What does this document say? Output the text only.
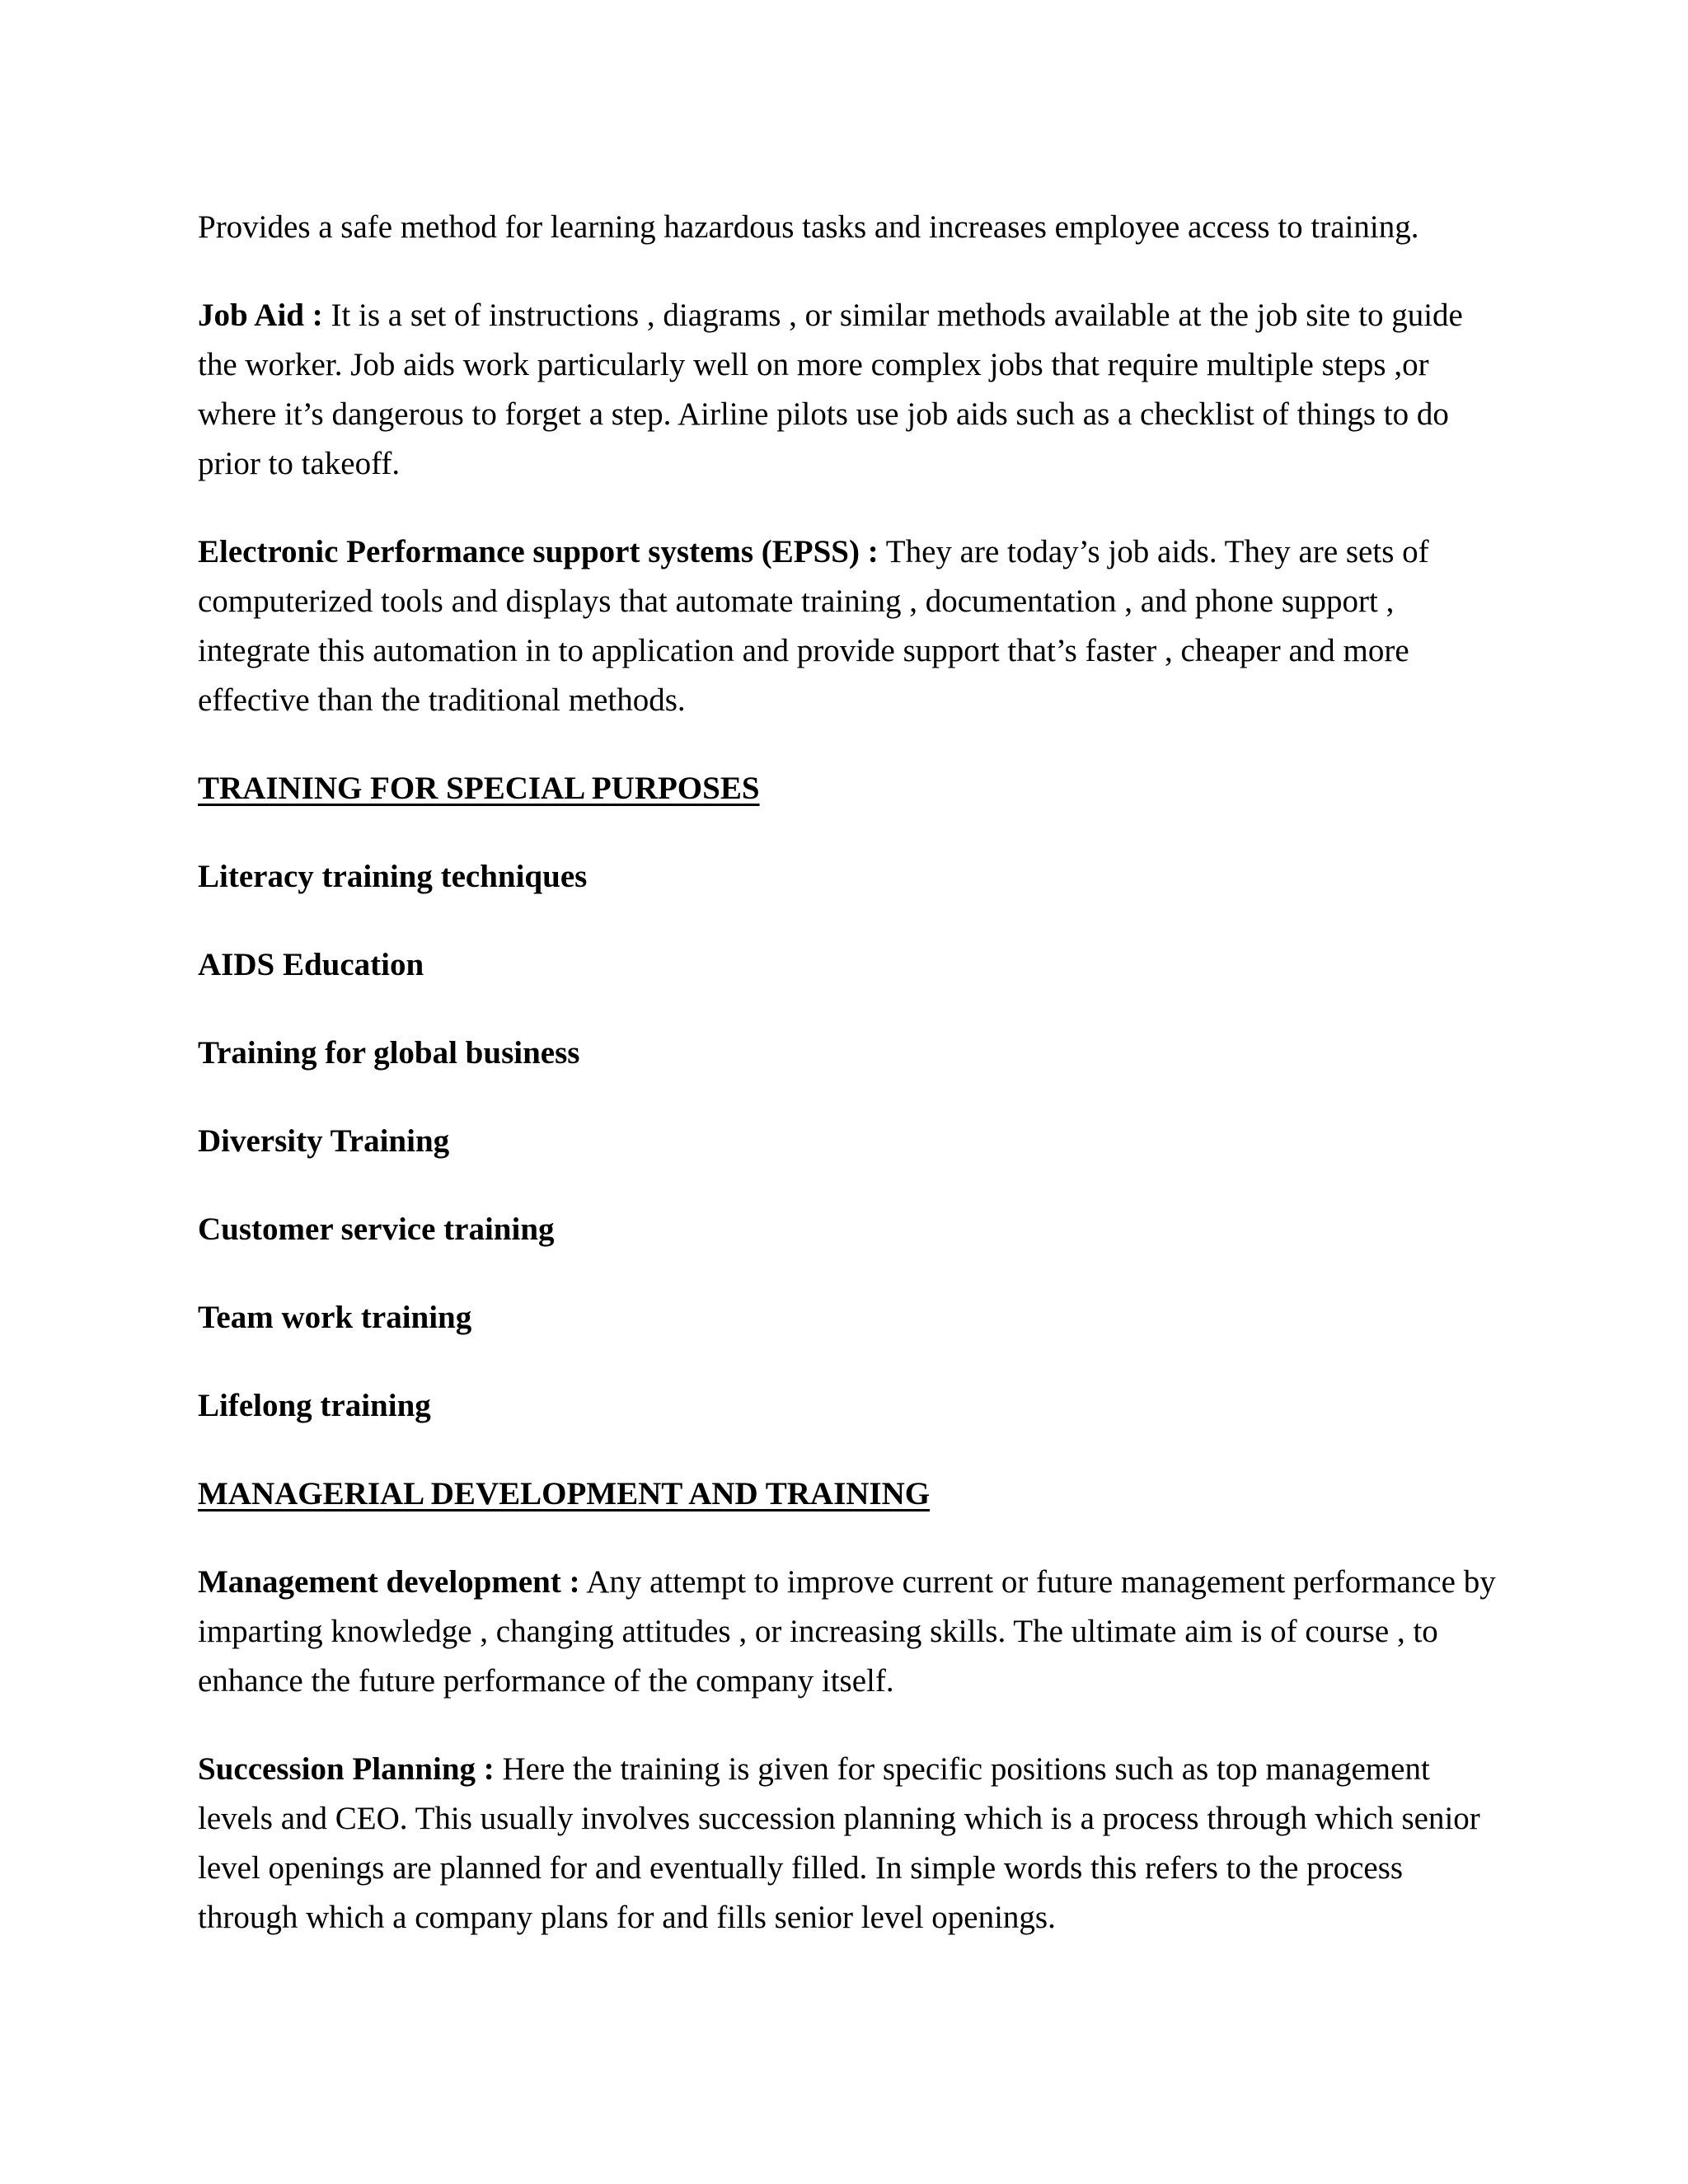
Provides a safe method for learning hazardous tasks and increases employee access to training.

Job Aid : It is a set of instructions , diagrams , or similar methods available at the job site to guide the worker. Job aids work particularly well on more complex jobs that require multiple steps ,or where it’s dangerous to forget a step. Airline pilots use job aids such as a checklist of things to do prior to takeoff.

Electronic Performance support systems (EPSS) : They are today’s job aids. They are sets of computerized tools and displays that automate training , documentation , and phone support , integrate this automation in to application and provide support that’s faster , cheaper and more effective than the traditional methods.

TRAINING FOR SPECIAL PURPOSES

Literacy training techniques

AIDS Education

Training for global business

Diversity Training

Customer service training

Team work training

Lifelong training

MANAGERIAL DEVELOPMENT AND TRAINING

Management development : Any attempt to improve current or future management performance by imparting knowledge , changing attitudes , or increasing skills. The ultimate aim is of course , to enhance the future performance of the company itself.

Succession Planning : Here the training is given for specific positions such as top management levels and CEO. This usually involves succession planning which is a process through which senior level openings are planned for and eventually filled. In simple words this refers to the process through which a company plans for and fills senior level openings.
